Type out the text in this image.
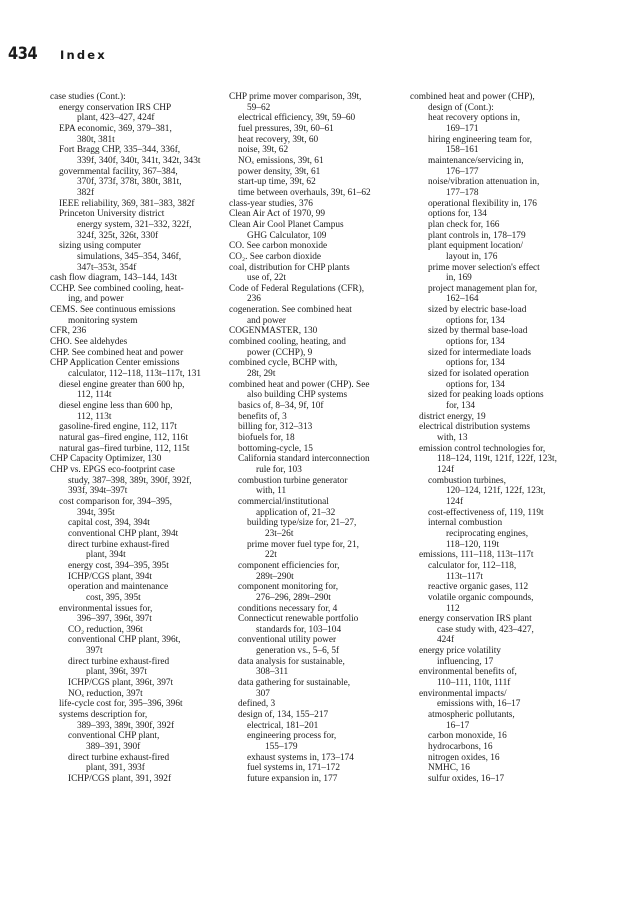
434 Index
case studies (Cont.):
energy conservation IRS CHP
plant, 423–427, 424f
EPA economic, 369, 379–381,
380t, 381t
Fort Bragg CHP, 335–344, 336f,
339f, 340f, 340t, 341t, 342t, 343t
governmental facility, 367–384,
370f, 373f, 378t, 380t, 381t,
382f
IEEE reliability, 369, 381–383, 382f
Princeton University district
energy system, 321–332, 322f,
324f, 325t, 326t, 330f
sizing using computer
simulations, 345–354, 346f,
347t–353t, 354f
cash flow diagram, 143–144, 143t
CCHP. See combined cooling, heat-
ing, and power
CEMS. See continuous emissions
monitoring system
CFR, 236
CHO. See aldehydes
CHP. See combined heat and power
CHP Application Center emissions
calculator, 112–118, 113t–117t, 131
diesel engine greater than 600 hp,
112, 114t
diesel engine less than 600 hp,
112, 113t
gasoline-fired engine, 112, 117t
natural gas–fired engine, 112, 116t
natural gas–fired turbine, 112, 115t
CHP Capacity Optimizer, 130
CHP vs. EPGS eco-footprint case
study, 387–398, 389t, 390f, 392f,
393f, 394t–397t
cost comparison for, 394–395,
394t, 395t
capital cost, 394, 394t
conventional CHP plant, 394t
direct turbine exhaust-fired
plant, 394t
energy cost, 394–395, 395t
ICHP/CGS plant, 394t
operation and maintenance
cost, 395, 395t
environmental issues for,
396–397, 396t, 397t
CO₂ reduction, 396t
conventional CHP plant, 396t,
397t
direct turbine exhaust-fired
plant, 396t, 397t
ICHP/CGS plant, 396t, 397t
NOₓ reduction, 397t
life-cycle cost for, 395–396, 396t
systems description for,
389–393, 389t, 390f, 392f
conventional CHP plant,
389–391, 390f
direct turbine exhaust-fired
plant, 391, 393f
ICHP/CGS plant, 391, 392f
CHP prime mover comparison, 39t,
59–62
electrical efficiency, 39t, 59–60
fuel pressures, 39t, 60–61
heat recovery, 39t, 60
noise, 39t, 62
NOₓ emissions, 39t, 61
power density, 39t, 61
start-up time, 39t, 62
time between overhauls, 39t, 61–62
class-year studies, 376
Clean Air Act of 1970, 99
Clean Air Cool Planet Campus
GHG Calculator, 109
CO. See carbon monoxide
CO₂. See carbon dioxide
coal, distribution for CHP plants
use of, 22t
Code of Federal Regulations (CFR),
236
cogeneration. See combined heat
and power
COGENMASTER, 130
combined cooling, heating, and
power (CCHP), 9
combined cycle, BCHP with,
28t, 29t
combined heat and power (CHP). See
also building CHP systems
basics of, 8–34, 9f, 10f
benefits of, 3
billing for, 312–313
biofuels for, 18
bottoming-cycle, 15
California standard interconnection
rule for, 103
combustion turbine generator
with, 11
commercial/institutional
application of, 21–32
building type/size for, 21–27,
23t–26t
prime mover fuel type for, 21,
22t
component efficiencies for,
289t–290t
component monitoring for,
276–296, 289t–290t
conditions necessary for, 4
Connecticut renewable portfolio
standards for, 103–104
conventional utility power
generation vs., 5–6, 5f
data analysis for sustainable,
308–311
data gathering for sustainable,
307
defined, 3
design of, 134, 155–217
electrical, 181–201
engineering process for,
155–179
exhaust systems in, 173–174
fuel systems in, 171–172
future expansion in, 177
combined heat and power (CHP),
design of (Cont.):
heat recovery options in,
169–171
hiring engineering team for,
158–161
maintenance/servicing in,
176–177
noise/vibration attenuation in,
177–178
operational flexibility in, 176
options for, 134
plan check for, 166
plant controls in, 178–179
plant equipment location/
layout in, 176
prime mover selection's effect
in, 169
project management plan for,
162–164
sized by electric base-load
options for, 134
sized by thermal base-load
options for, 134
sized for intermediate loads
options for, 134
sized for isolated operation
options for, 134
sized for peaking loads options
for, 134
district energy, 19
electrical distribution systems
with, 13
emission control technologies for,
118–124, 119t, 121f, 122f, 123t,
124f
combustion turbines,
120–124, 121f, 122f, 123t,
124f
cost-effectiveness of, 119, 119t
internal combustion
reciprocating engines,
118–120, 119t
emissions, 111–118, 113t–117t
calculator for, 112–118,
113t–117t
reactive organic gases, 112
volatile organic compounds,
112
energy conservation IRS plant
case study with, 423–427,
424f
energy price volatility
influencing, 17
environmental benefits of,
110–111, 110t, 111f
environmental impacts/
emissions with, 16–17
atmospheric pollutants,
16–17
carbon monoxide, 16
hydrocarbons, 16
nitrogen oxides, 16
NMHC, 16
sulfur oxides, 16–17
